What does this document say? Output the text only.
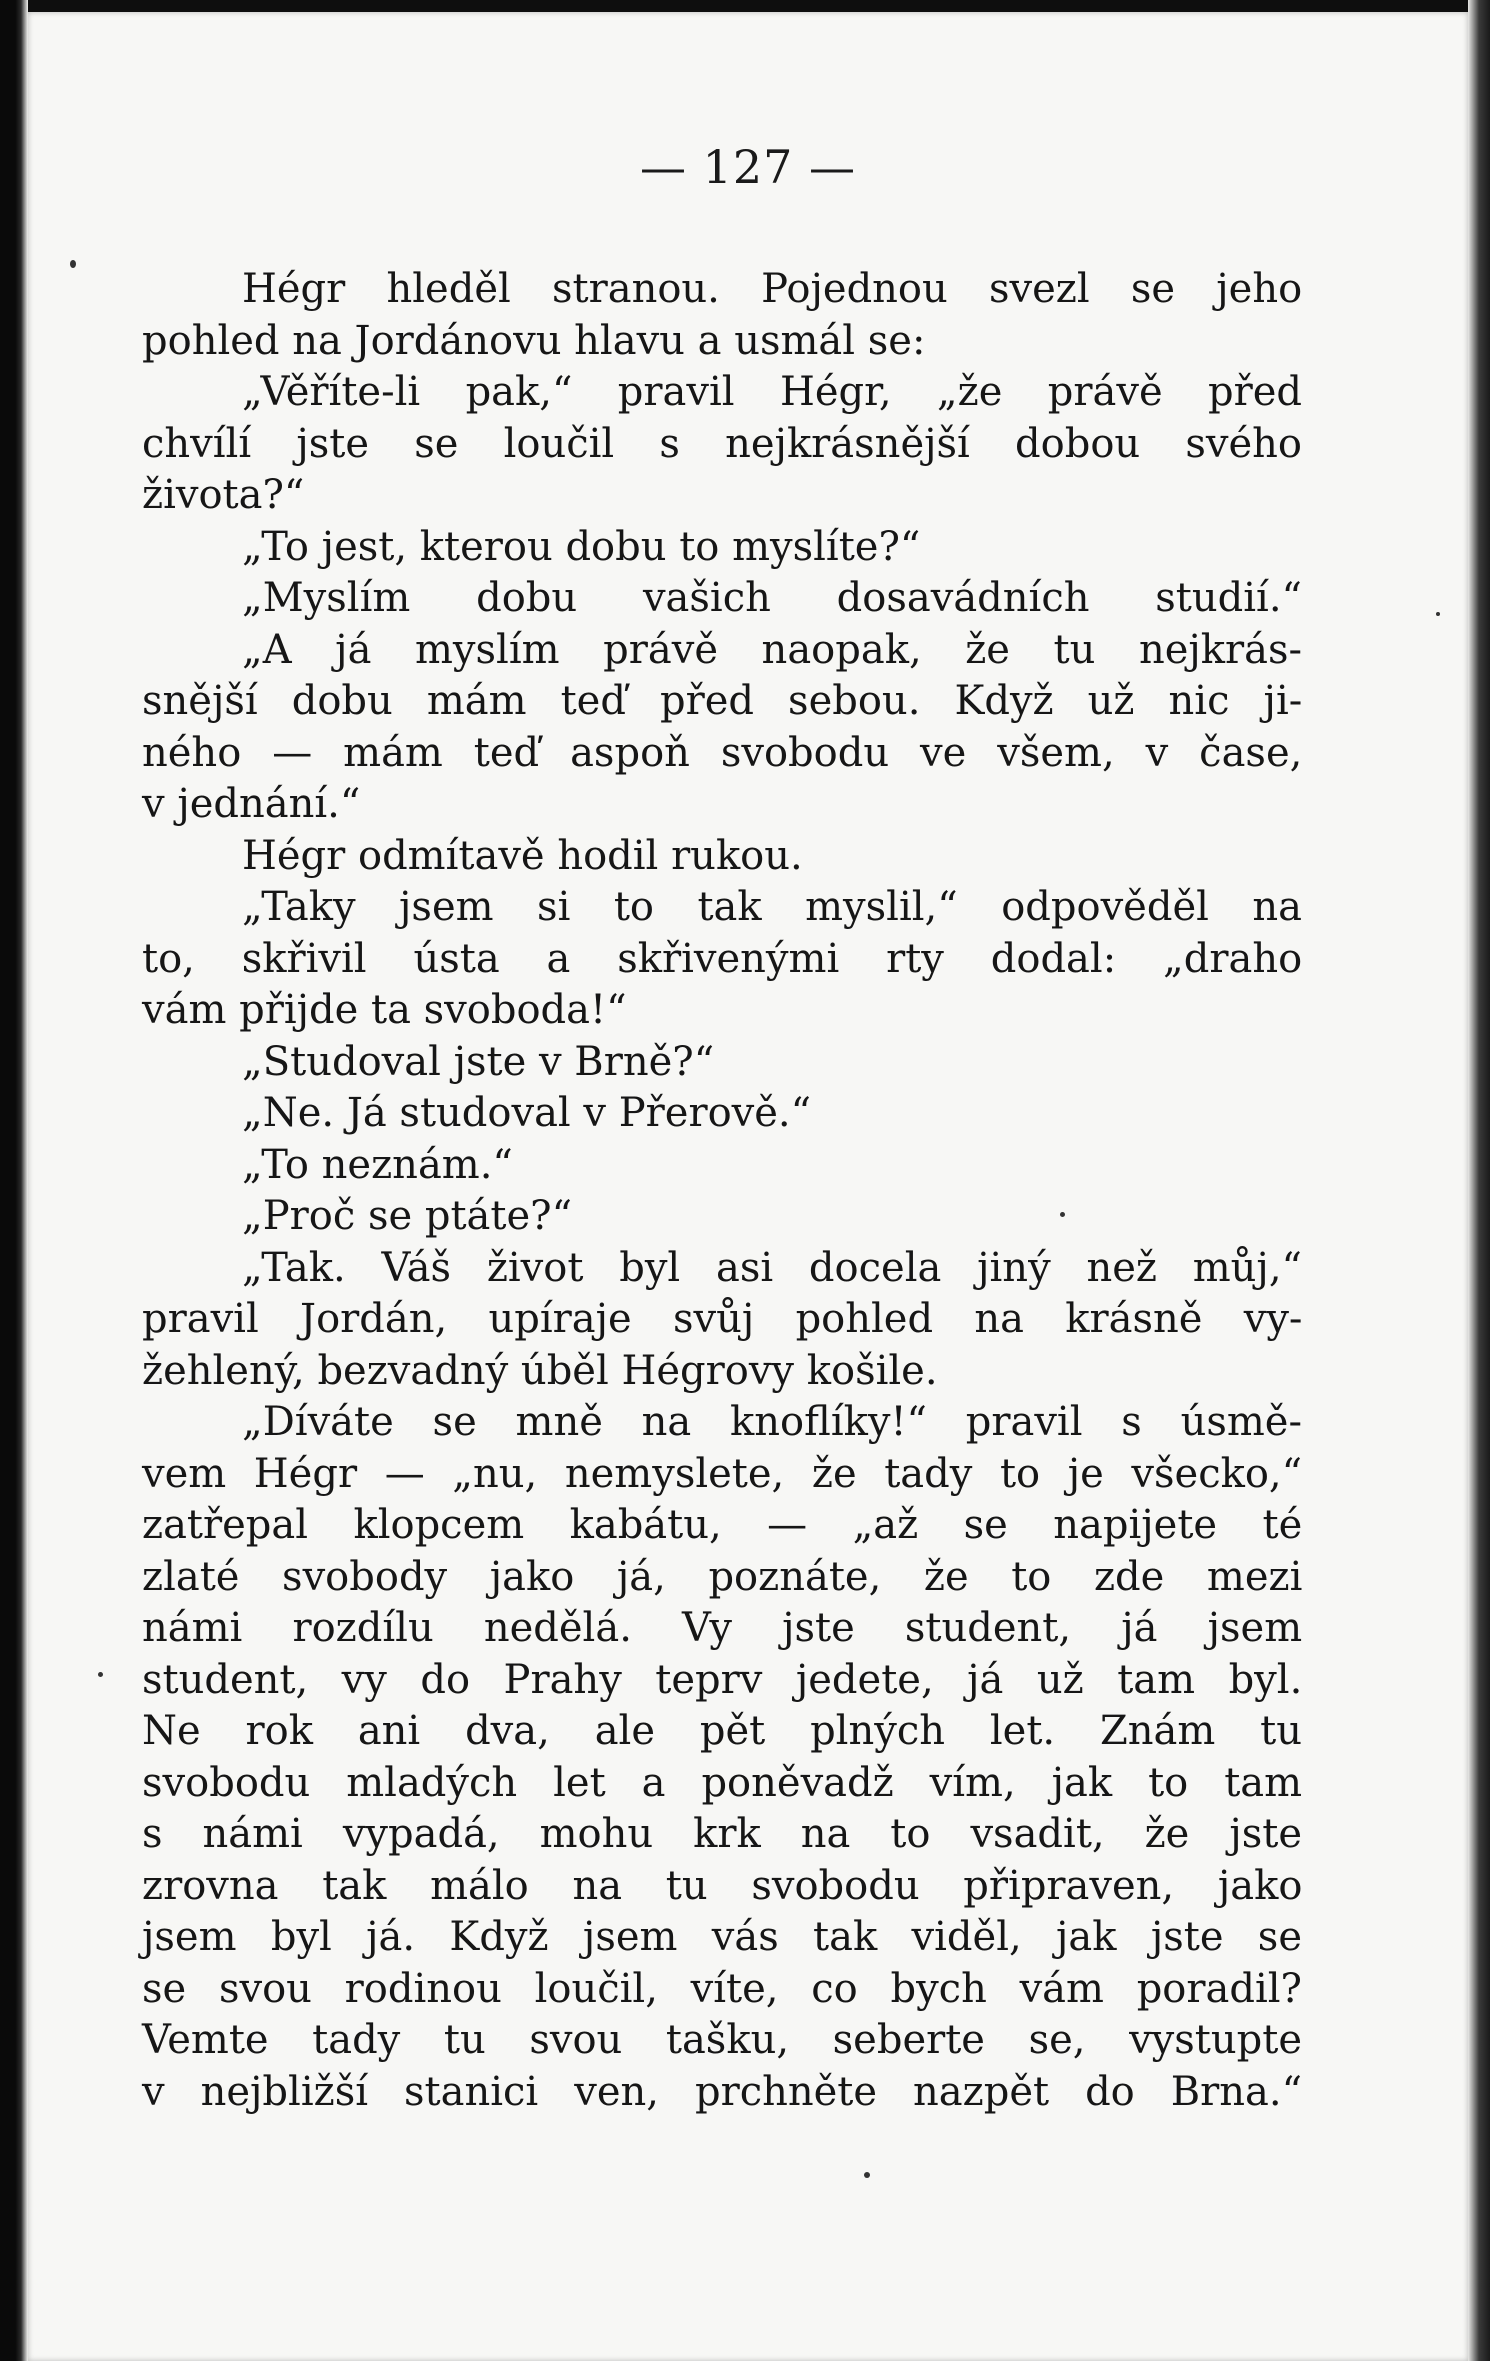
— 127 —
Hégr hleděl stranou. Pojednou svezl se jeho
pohled na Jordánovu hlavu a usmál se:
„Věříte-li pak,“ pravil Hégr, „že právě před
chvílí jste se loučil s nejkrásnější dobou svého
života?“
„To jest, kterou dobu to myslíte?“
„Myslím dobu vašich dosavádních studií.“
„A já myslím právě naopak, že tu nejkrás-
snější dobu mám teď před sebou. Když už nic ji-
ného — mám teď aspoň svobodu ve všem, v čase,
v jednání.“
Hégr odmítavě hodil rukou.
„Taky jsem si to tak myslil,“ odpověděl na
to, skřivil ústa a skřivenými rty dodal: „draho
vám přijde ta svoboda!“
„Studoval jste v Brně?“
„Ne. Já studoval v Přerově.“
„To neznám.“
„Proč se ptáte?“
„Tak. Váš život byl asi docela jiný než můj,“
pravil Jordán, upíraje svůj pohled na krásně vy-
žehlený, bezvadný úběl Hégrovy košile.
„Díváte se mně na knoflíky!“ pravil s úsmě-
vem Hégr — „nu, nemyslete, že tady to je všecko,“
zatřepal klopcem kabátu, — „až se napijete té
zlaté svobody jako já, poznáte, že to zde mezi
námi rozdílu nedělá. Vy jste student, já jsem
student, vy do Prahy teprv jedete, já už tam byl.
Ne rok ani dva, ale pět plných let. Znám tu
svobodu mladých let a poněvadž vím, jak to tam
s námi vypadá, mohu krk na to vsadit, že jste
zrovna tak málo na tu svobodu připraven, jako
jsem byl já. Když jsem vás tak viděl, jak jste se
se svou rodinou loučil, víte, co bych vám poradil?
Vemte tady tu svou tašku, seberte se, vystupte
v nejbližší stanici ven, prchněte nazpět do Brna.“
